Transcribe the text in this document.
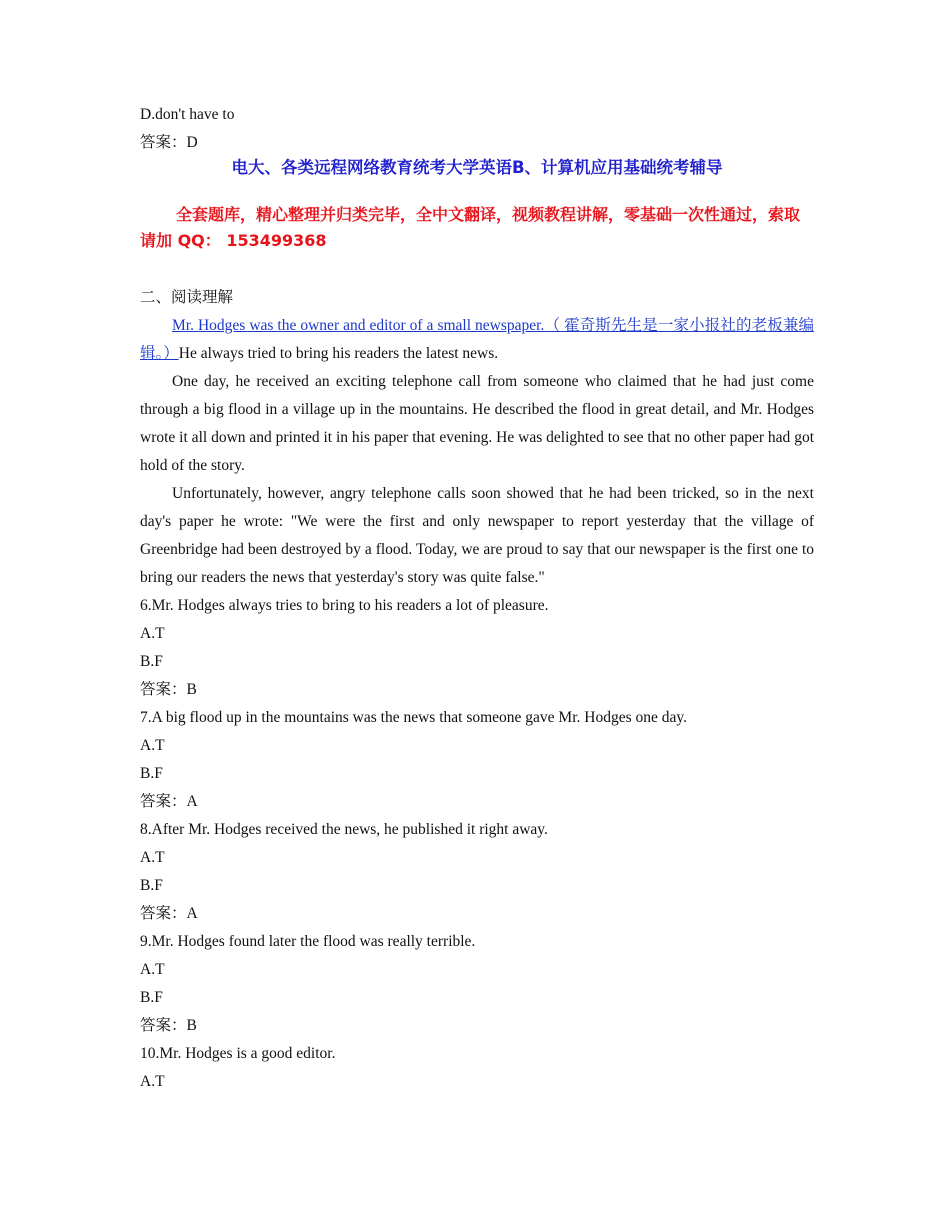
D.don't have to
答案：D
电大、各类远程网络教育统考大学英语B、计算机应用基础统考辅导
全套题库，精心整理并归类完毕，全中文翻译，视频教程讲解，零基础一次性通过，索取请加 QQ： 153499368
二、阅读理解
Mr. Hodges was the owner and editor of a small newspaper.（ 霍奇斯先生是一家小报社的老板兼编辑。）He always tried to bring his readers the latest news.
One day, he received an exciting telephone call from someone who claimed that he had just come through a big flood in a village up in the mountains. He described the flood in great detail, and Mr. Hodges wrote it all down and printed it in his paper that evening. He was delighted to see that no other paper had got hold of the story.
Unfortunately, however, angry telephone calls soon showed that he had been tricked, so in the next day's paper he wrote: "We were the first and only newspaper to report yesterday that the village of Greenbridge had been destroyed by a flood. Today, we are proud to say that our newspaper is the first one to bring our readers the news that yesterday's story was quite false."
6.Mr. Hodges always tries to bring to his readers a lot of pleasure.
A.T
B.F
答案：B
7.A big flood up in the mountains was the news that someone gave Mr. Hodges one day.
A.T
B.F
答案：A
8.After Mr. Hodges received the news, he published it right away.
A.T
B.F
答案：A
9.Mr. Hodges found later the flood was really terrible.
A.T
B.F
答案：B
10.Mr. Hodges is a good editor.
A.T
